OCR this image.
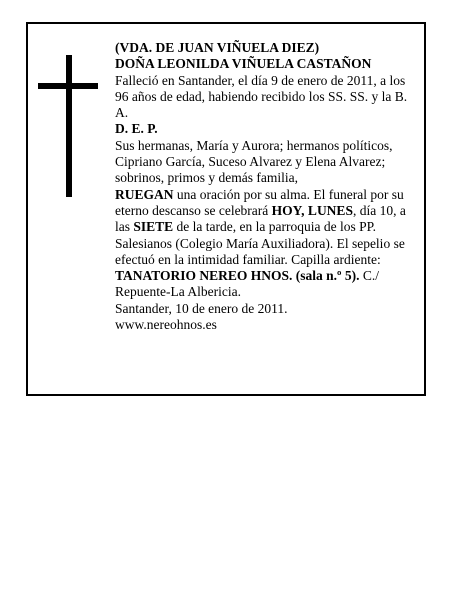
(VDA. DE JUAN VIÑUELA DIEZ)

DOÑA LEONILDA VIÑUELA CASTAÑON

Falleció en Santander, el día 9 de enero de 2011, a los 96 años de edad, habiendo recibido los SS. SS. y la B. A.

D. E. P.

Sus hermanas, María y Aurora; hermanos políticos, Cipriano García, Suceso Alvarez y Elena Alvarez; sobrinos, primos y demás familia,

RUEGAN una oración por su alma. El funeral por su eterno descanso se celebrará HOY, LUNES, día 10, a las SIETE de la tarde, en la parroquia de los PP. Salesianos (Colegio María Auxiliadora). El sepelio se efectuó en la intimidad familiar. Capilla ardiente: TANATORIO NEREO HNOS. (sala n.º 5). C./ Repuente-La Albericia.

Santander, 10 de enero de 2011.

www.nereohnos.es
